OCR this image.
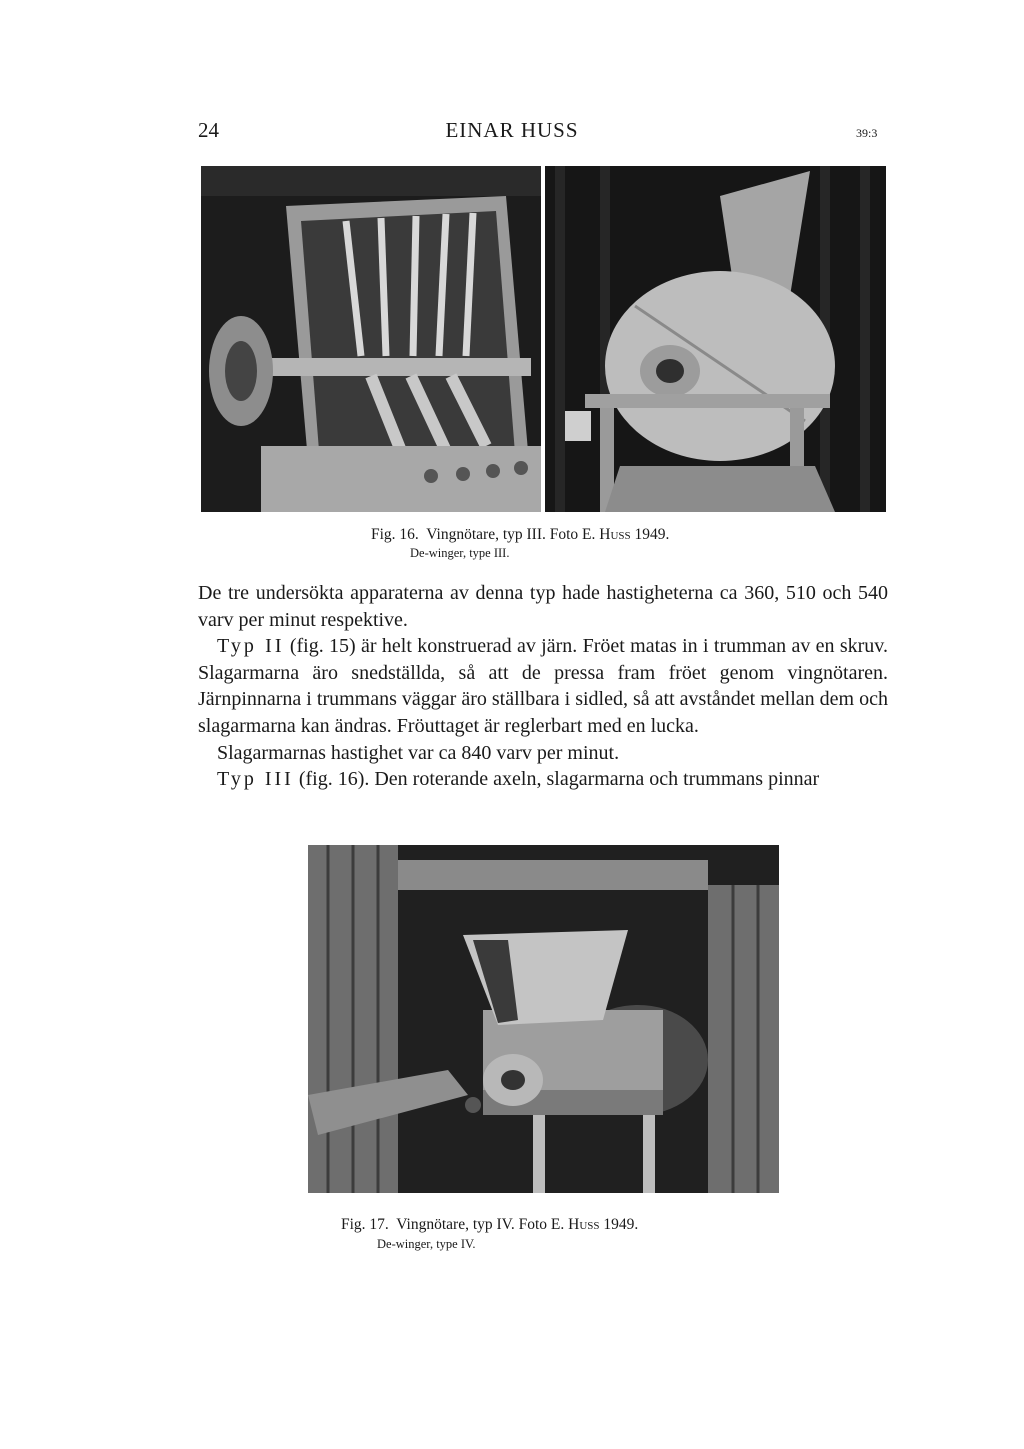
24	EINAR HUSS	39:3
Fig. 16. Vingnötare, typ III. Foto E. Huss 1949.
De-winger, type III.

De tre undersökta apparaterna av denna typ hade hastigheterna ca 360, 510 och 540 varv per minut respektive.

Typ II (fig. 15) är helt konstruerad av järn. Fröet matas in i trumman av en skruv. Slagarmarna äro snedställda, så att de pressa fram fröet genom vingnötaren. Järnpinnarna i trummans väggar äro ställbara i sidled, så att avståndet mellan dem och slagarmarna kan ändras. Fröuttaget är reglerbart med en lucka.

Slagarmarnas hastighet var ca 840 varv per minut.

Typ III (fig. 16). Den roterande axeln, slagarmarna och trummans pinnar

Fig. 17. Vingnötare, typ IV. Foto E. Huss 1949.
De-winger, type IV.
